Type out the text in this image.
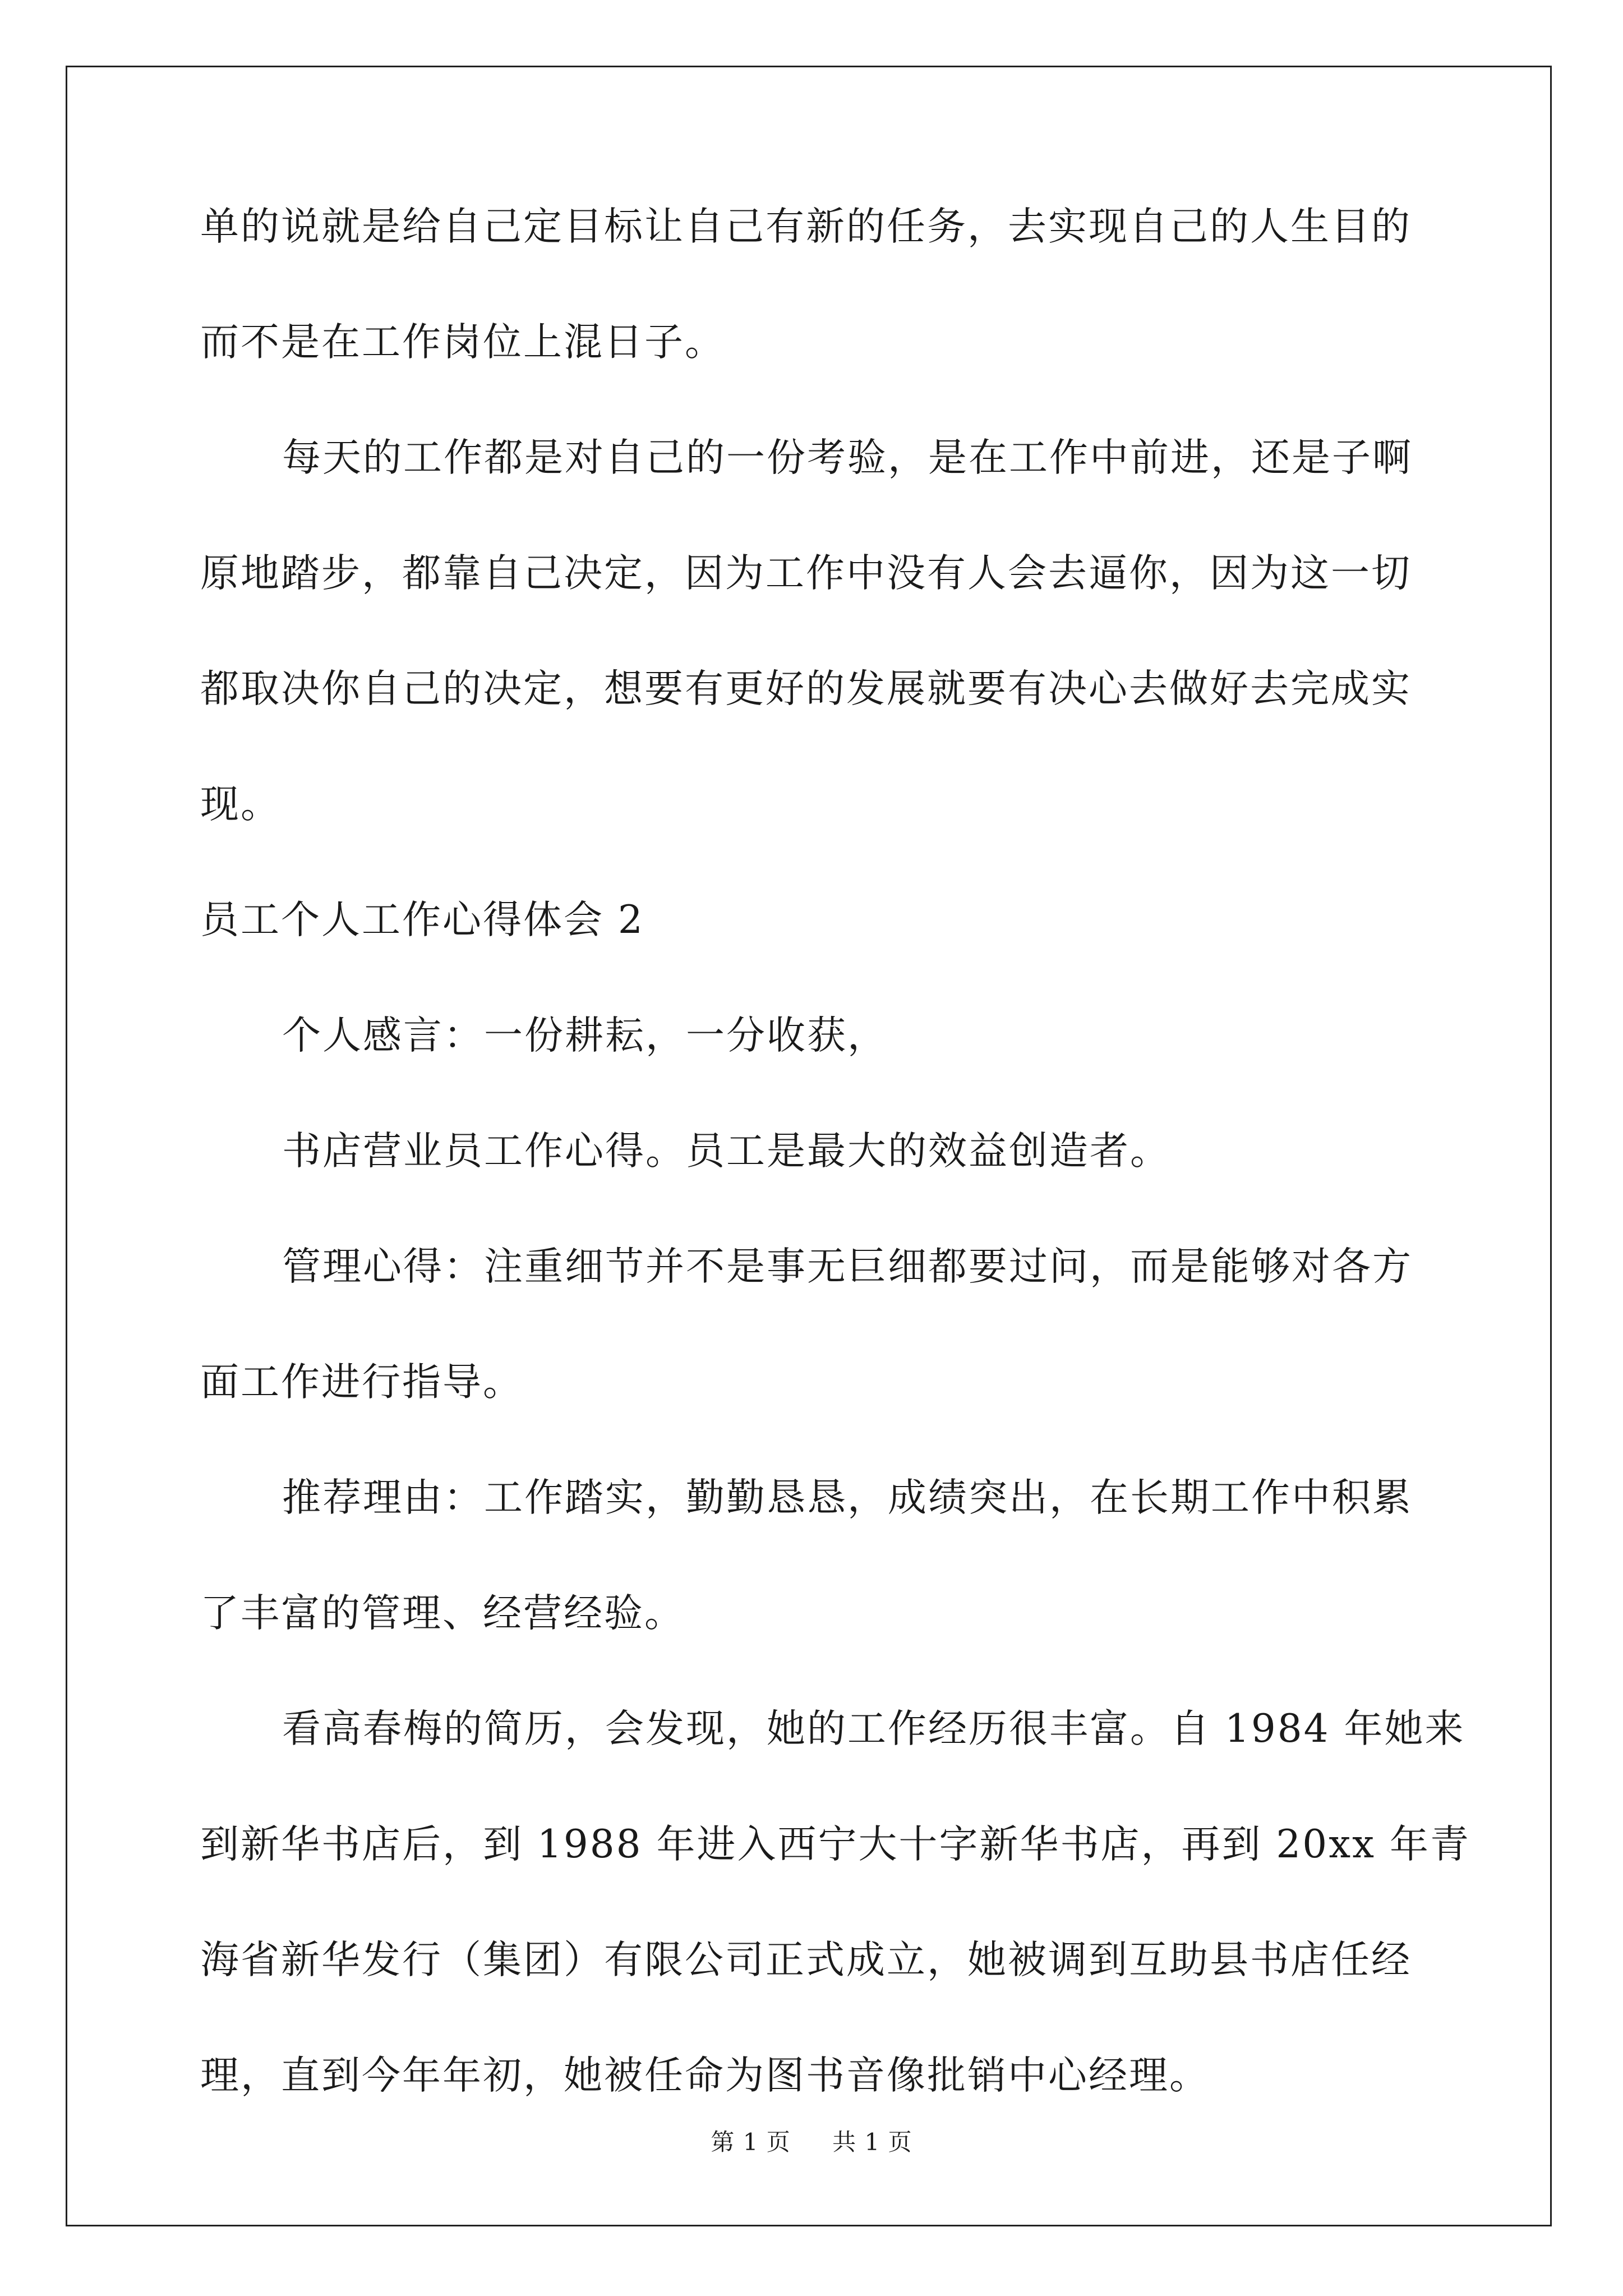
单的说就是给自己定目标让自己有新的任务，去实现自己的人生目的

而不是在工作岗位上混日子。

每天的工作都是对自己的一份考验，是在工作中前进，还是子啊

原地踏步，都靠自己决定，因为工作中没有人会去逼你，因为这一切

都取决你自己的决定，想要有更好的发展就要有决心去做好去完成实

现。

员工个人工作心得体会 2

个人感言：一份耕耘，一分收获，

书店营业员工作心得。员工是最大的效益创造者。

管理心得：注重细节并不是事无巨细都要过问，而是能够对各方

面工作进行指导。

推荐理由：工作踏实，勤勤恳恳，成绩突出，在长期工作中积累

了丰富的管理、经营经验。

看高春梅的简历，会发现，她的工作经历很丰富。自 1984 年她来

到新华书店后，到 1988 年进入西宁大十字新华书店，再到 20xx 年青

海省新华发行（集团）有限公司正式成立，她被调到互助县书店任经

理，直到今年年初，她被任命为图书音像批销中心经理。

第 1 页 共 1 页
